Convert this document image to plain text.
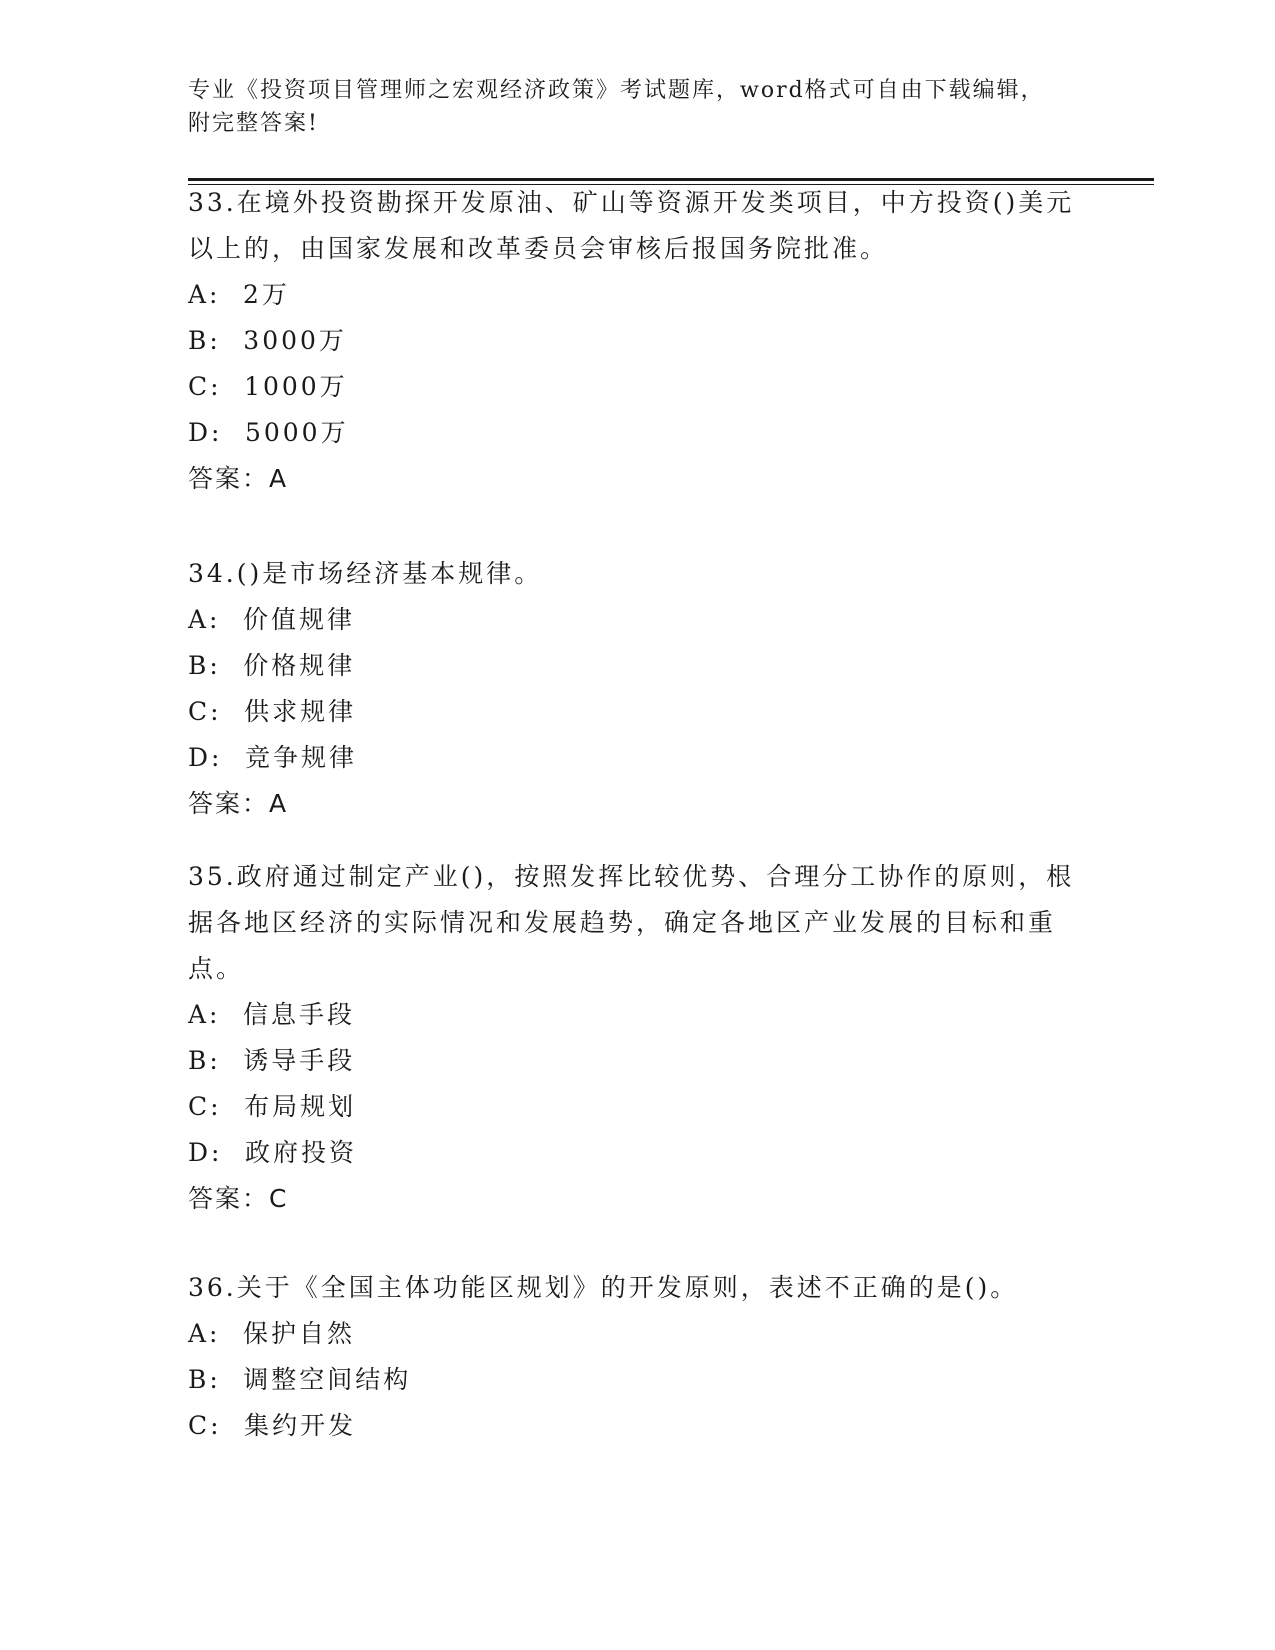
专业《投资项目管理师之宏观经济政策》考试题库，word格式可自由下载编辑，
附完整答案!

33.在境外投资勘探开发原油、矿山等资源开发类项目，中方投资()美元以上的，由国家发展和改革委员会审核后报国务院批准。

A: 2万

B: 3000万

C: 1000万

D: 5000万

答案：A

34.()是市场经济基本规律。

A: 价值规律

B: 价格规律

C: 供求规律

D: 竞争规律

答案：A

35.政府通过制定产业()，按照发挥比较优势、合理分工协作的原则，根据各地区经济的实际情况和发展趋势，确定各地区产业发展的目标和重点。

A: 信息手段

B: 诱导手段

C: 布局规划

D: 政府投资

答案：C

36.关于《全国主体功能区规划》的开发原则，表述不正确的是()。

A: 保护自然

B: 调整空间结构

C: 集约开发
